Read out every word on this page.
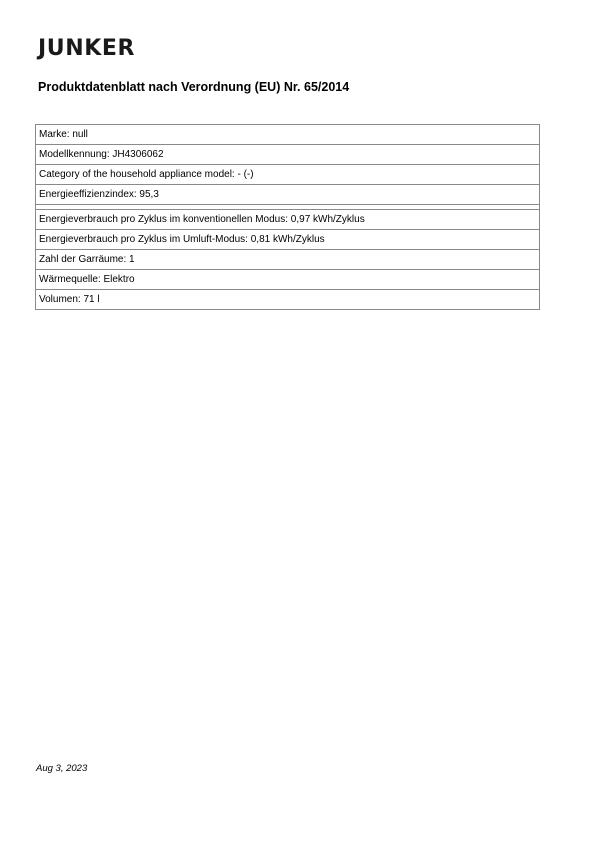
JUNKER
Produktdatenblatt nach Verordnung (EU) Nr. 65/2014
Marke: null
Modellkennung: JH4306062
Category of the household appliance model: - (-)
Energieeffizienzindex: 95,3

Energieverbrauch pro Zyklus im konventionellen Modus: 0,97 kWh/Zyklus
Energieverbrauch pro Zyklus im Umluft-Modus: 0,81 kWh/Zyklus
Zahl der Garräume: 1
Wärmequelle: Elektro
Volumen: 71 l
Aug 3, 2023
